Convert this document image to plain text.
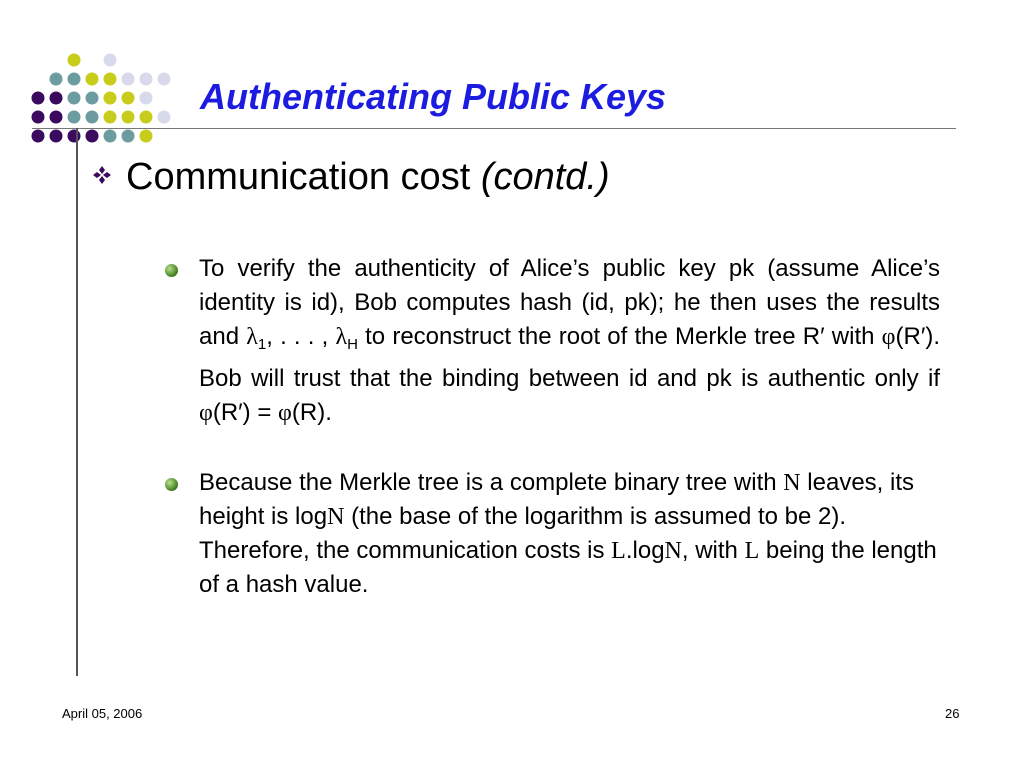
Authenticating Public Keys
Communication cost (contd.)
To verify the authenticity of Alice’s public key pk (assume Alice’s identity is id), Bob computes hash (id, pk); he then uses the results and $\lambda_1$, . . . , $\lambda_H$ to reconstruct the root of the Merkle tree R′ with φ(R′). Bob will trust that the binding between id and pk is authentic only if φ(R′) = φ(R).
Because the Merkle tree is a complete binary tree with N leaves, its height is logN (the base of the logarithm is assumed to be 2). Therefore, the communication costs is L.logN, with L being the length of a hash value.
April 05, 2006	26
